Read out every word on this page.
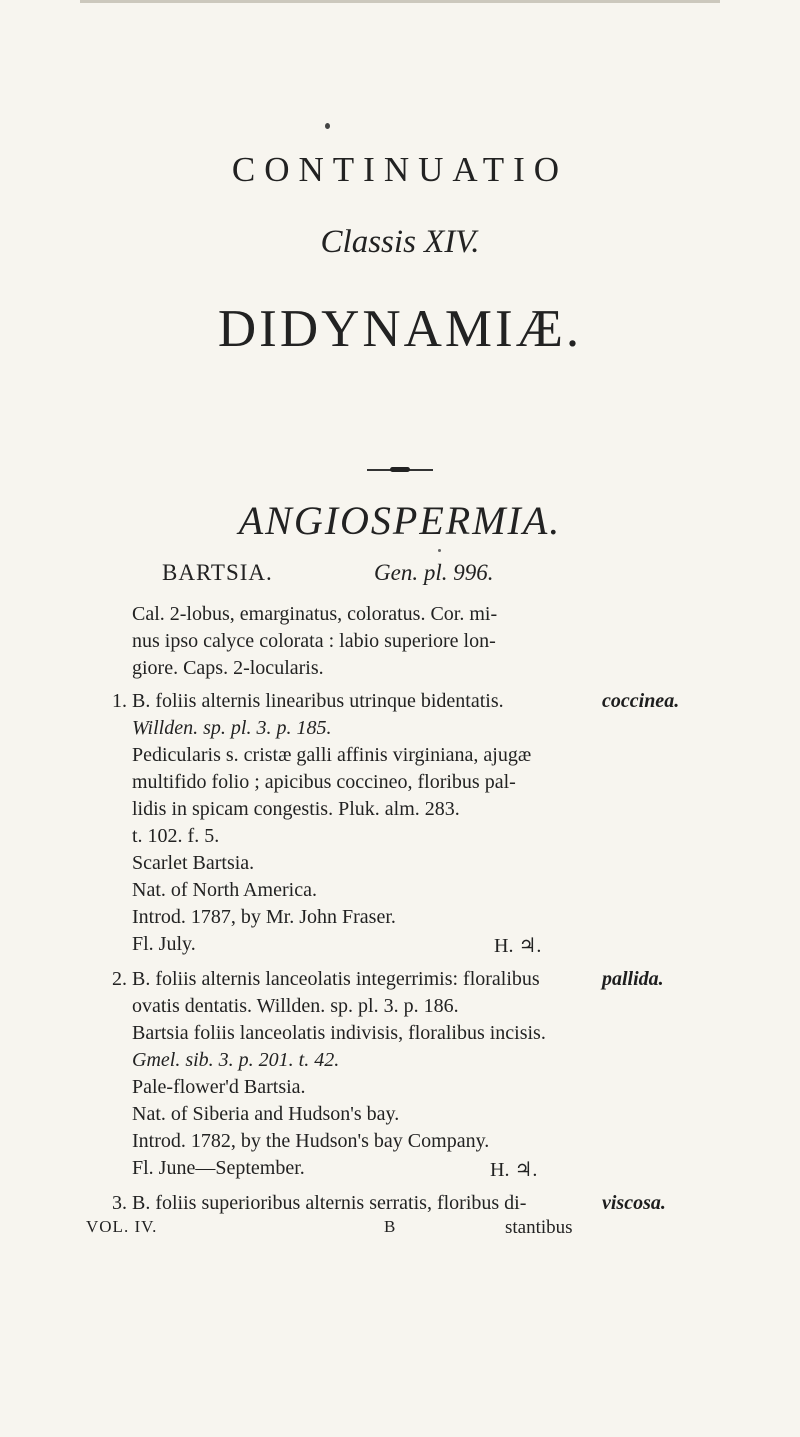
CONTINUATIO
Classis XIV.
DIDYNAMIÆ.
ANGIOSPERMIA.
BARTSIA.	Gen. pl. 996.
Cal. 2-lobus, emarginatus, coloratus. Cor. mi-
nus ipso calyce colorata : labio superiore lon-
giore. Caps. 2-locularis.
1. B. foliis alternis linearibus utrinque bidentatis.	coccinea.
Willden. sp. pl. 3. p. 185.
Pedicularis s. cristæ galli affinis virginiana, ajugæ
multifido folio ; apicibus coccineo, floribus pal-
lidis in spicam congestis. Pluk. alm. 283.
t. 102. f. 5.
Scarlet Bartsia.
Nat. of North America.
Introd. 1787, by Mr. John Fraser.
Fl. July.	H. ♃.
2. B. foliis alternis lanceolatis integerrimis: floralibus	pallida.
ovatis dentatis. Willden. sp. pl. 3. p. 186.
Bartsia foliis lanceolatis indivisis, floralibus incisis.
Gmel. sib. 3. p. 201. t. 42.
Pale-flower'd Bartsia.
Nat. of Siberia and Hudson's bay.
Introd. 1782, by the Hudson's bay Company.
Fl. June—September.	H. ♃.
3. B. foliis superioribus alternis serratis, floribus di-	viscosa.
VOL. IV.	B	stantibus
